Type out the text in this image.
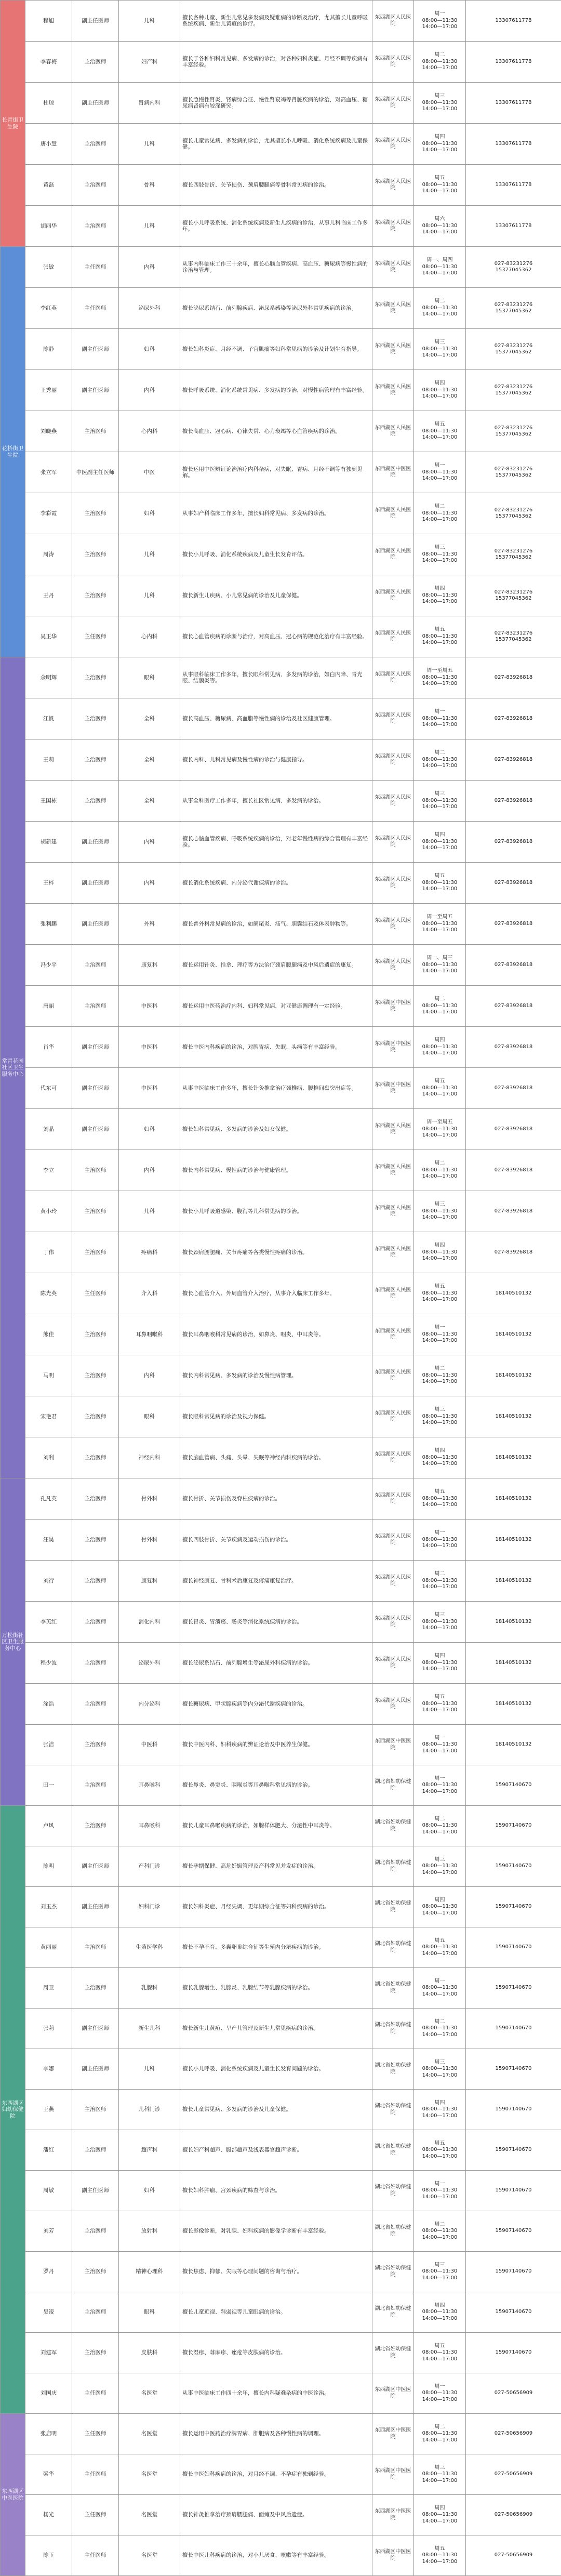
长青街卫生院	程旭	副主任医师	儿科	擅长各种儿童、新生儿常见多发病及疑难病的诊断及治疗，尤其擅长儿童呼吸系统疾病、新生儿黄疸的诊疗。	东西湖区人民医院	周一
08:00—11:30
14:00—17:00	13307611778
	李春梅	主治医师	妇产科	擅长于各种妇科常见病、多发病的诊治，对各种妇科炎症、月经不调等疾病有丰富经验。	东西湖区人民医院	周二
08:00—11:30
14:00—17:00	13307611778
	杜琼	副主任医师	肾病内科	擅长急慢性肾炎、肾病综合征、慢性肾衰竭等肾脏疾病的诊治，对高血压、糖尿病肾病有较深研究。	东西湖区人民医院	周三
08:00—11:30
14:00—17:00	13307611778
	唐小慧	主治医师	儿科	擅长儿童常见病、多发病的诊治，尤其擅长小儿呼吸、消化系统疾病及儿童保健。	东西湖区人民医院	周四
08:00—11:30
14:00—17:00	13307611778
	黄磊	主治医师	骨科	擅长四肢骨折、关节损伤、颈肩腰腿痛等骨科常见病的诊治。	东西湖区人民医院	周五
08:00—11:30
14:00—17:00	13307611778
	胡丽华	主治医师	儿科	擅长小儿呼吸系统、消化系统疾病及新生儿疾病的诊治，从事儿科临床工作多年。	东西湖区人民医院	周六
08:00—11:30
14:00—17:00	13307611778
花桥街卫生院	张敏	主任医师	内科	从事内科临床工作三十余年，擅长心脑血管疾病、高血压、糖尿病等慢性病的诊治与管理。	东西湖区人民医院	周一、周四
08:00—11:30
14:00—17:00	027-83231276
15377045362
	李红英	主任医师	泌尿外科	擅长泌尿系结石、前列腺疾病、泌尿系感染等泌尿外科常见疾病的诊治。	东西湖区人民医院	周二
08:00—11:30
14:00—17:00	027-83231276
15377045362
	陈静	副主任医师	妇科	擅长妇科炎症、月经不调、子宫肌瘤等妇科常见病的诊治及计划生育指导。	东西湖区人民医院	周三
08:00—11:30
14:00—17:00	027-83231276
15377045362
	王秀丽	副主任医师	内科	擅长呼吸系统、消化系统常见病、多发病的诊治，对慢性病管理有丰富经验。	东西湖区人民医院	周四
08:00—11:30
14:00—17:00	027-83231276
15377045362
	刘晓燕	主治医师	心内科	擅长高血压、冠心病、心律失常、心力衰竭等心血管疾病的诊治。	东西湖区人民医院	周五
08:00—11:30
14:00—17:00	027-83231276
15377045362
	张立军	中医副主任医师	中医	擅长运用中医辨证论治治疗内科杂病，对失眠、胃病、月经不调等有独到见解。	东西湖区中医医院	周一
08:00—11:30
14:00—17:00	027-83231276
15377045362
	李彩霞	主治医师	妇科	从事妇产科临床工作多年，擅长妇科常见病、多发病的诊治。	东西湖区人民医院	周二
08:00—11:30
14:00—17:00	027-83231276
15377045362
	周涛	主治医师	儿科	擅长小儿呼吸、消化系统疾病及儿童生长发育评估。	东西湖区人民医院	周三
08:00—11:30
14:00—17:00	027-83231276
15377045362
	王丹	主治医师	儿科	擅长新生儿疾病、小儿常见病的诊治及儿童保健。	东西湖区人民医院	周四
08:00—11:30
14:00—17:00	027-83231276
15377045362
	吴正华	主任医师	心内科	擅长心血管疾病的诊断与治疗，对高血压、冠心病的规范化治疗有丰富经验。	东西湖区人民医院	周五
08:00—11:30
14:00—17:00	027-83231276
15377045362
常青花园社区卫生服务中心	余明辉	主治医师	眼科	从事眼科临床工作多年，擅长眼科常见病、多发病的诊治，如白内障、青光眼、结膜炎等。	东西湖区人民医院	周一至周五
08:00—11:30
14:00—17:00	027-83926818
	江帆	主治医师	全科	擅长高血压、糖尿病、高血脂等慢性病的诊治及社区健康管理。	东西湖区人民医院	周一
08:00—11:30
14:00—17:00	027-83926818
	王莉	主治医师	全科	擅长内科、儿科常见病及慢性病的诊治与健康指导。	东西湖区人民医院	周二
08:00—11:30
14:00—17:00	027-83926818
	王国栋	主治医师	全科	从事全科医疗工作多年，擅长社区常见病、多发病的诊治。	东西湖区人民医院	周三
08:00—11:30
14:00—17:00	027-83926818
	胡新建	副主任医师	内科	擅长心脑血管疾病、呼吸系统疾病的诊治，对老年慢性病的综合管理有丰富经验。	东西湖区人民医院	周四
08:00—11:30
14:00—17:00	027-83926818
	王梓	副主任医师	内科	擅长消化系统疾病、内分泌代谢疾病的诊治。	东西湖区人民医院	周五
08:00—11:30
14:00—17:00	027-83926818
	张利鹏	副主任医师	外科	擅长普外科常见病的诊治，如阑尾炎、疝气、胆囊结石及体表肿物等。	东西湖区人民医院	周一至周五
08:00—11:30
14:00—17:00	027-83926818
	冯少平	主治医师	康复科	擅长运用针灸、推拿、理疗等方法治疗颈肩腰腿痛及中风后遗症的康复。	东西湖区人民医院	周一、周三
08:00—11:30
14:00—17:00	027-83926818
	唐丽	主治医师	中医科	擅长运用中医药治疗内科、妇科常见病，对亚健康调理有一定经验。	东西湖区中医医院	周二
08:00—11:30
14:00—17:00	027-83926818
	肖华	副主任医师	中医科	擅长中医内科疾病的诊治，对脾胃病、失眠、头痛等有丰富经验。	东西湖区中医医院	周四
08:00—11:30
14:00—17:00	027-83926818
	代东可	副主任医师	中医科	从事中医临床工作多年，擅长针灸推拿治疗颈椎病、腰椎间盘突出症等。	东西湖区中医医院	周五
08:00—11:30
14:00—17:00	027-83926818
	刘晶	副主任医师	妇科	擅长妇科常见病、多发病的诊治及妇女保健。	东西湖区人民医院	周一至周五
08:00—11:30
14:00—17:00	027-83926818
	李立	主治医师	内科	擅长内科常见病、慢性病的诊治与健康管理。	东西湖区人民医院	周二
08:00—11:30
14:00—17:00	027-83926818
	黄小玲	主治医师	儿科	擅长小儿呼吸道感染、腹泻等儿科常见病的诊治。	东西湖区人民医院	周三
08:00—11:30
14:00—17:00	027-83926818
	丁伟	主治医师	疼痛科	擅长颈肩腰腿痛、关节疼痛等各类慢性疼痛的诊治。	东西湖区人民医院	周四
08:00—11:30
14:00—17:00	027-83926818
	陈光英	主任医师	介入科	擅长心血管介入、外周血管介入治疗，从事介入临床工作多年。	东西湖区人民医院	周五
08:00—11:30
14:00—17:00	18140510132
	熊佳	主治医师	耳鼻咽喉科	擅长耳鼻咽喉科常见病的诊治，如鼻炎、咽炎、中耳炎等。	东西湖区人民医院	周一
08:00—11:30
14:00—17:00	18140510132
	马明	主治医师	内科	擅长内科常见病、多发病的诊治及慢性病管理。	东西湖区人民医院	周二
08:00—11:30
14:00—17:00	18140510132
	宋艳君	主治医师	眼科	擅长眼科常见病的诊治及视力保健。	东西湖区人民医院	周三
08:00—11:30
14:00—17:00	18140510132
	刘利	主治医师	神经内科	擅长脑血管病、头痛、头晕、失眠等神经内科疾病的诊治。	东西湖区人民医院	周四
08:00—11:30
14:00—17:00	18140510132
万松街社区卫生服务中心	孔凡英	主治医师	骨外科	擅长骨折、关节损伤及脊柱疾病的诊治。	东西湖区人民医院	周五
08:00—11:30
14:00—17:00	18140510132
	汪昊	主治医师	骨外科	擅长四肢骨折、关节疾病及运动损伤的诊治。	东西湖区人民医院	周一
08:00—11:30
14:00—17:00	18140510132
	刘行	主治医师	康复科	擅长神经康复、骨科术后康复及疼痛康复治疗。	东西湖区人民医院	周二
08:00—11:30
14:00—17:00	18140510132
	李英红	主治医师	消化内科	擅长胃炎、胃溃疡、肠炎等消化系统疾病的诊治。	东西湖区人民医院	周三
08:00—11:30
14:00—17:00	18140510132
	程少波	主治医师	泌尿外科	擅长泌尿系结石、前列腺增生等泌尿外科疾病的诊治。	东西湖区人民医院	周四
08:00—11:30
14:00—17:00	18140510132
	涂浩	主治医师	内分泌科	擅长糖尿病、甲状腺疾病等内分泌代谢疾病的诊治。	东西湖区人民医院	周五
08:00—11:30
14:00—17:00	18140510132
	张洁	主治医师	中医科	擅长中医内科、妇科疾病的辨证论治及中医养生保健。	东西湖区中医医院	周一
08:00—11:30
14:00—17:00	18140510132
	田一	主治医师	耳鼻喉科	擅长鼻炎、鼻窦炎、咽喉炎等耳鼻喉科常见病的诊治。	湖北省妇幼保健院	周一
08:00—11:30
14:00—17:00	15907140670
东西湖区妇幼保健院	卢风	主治医师	耳鼻喉科	擅长儿童耳鼻喉疾病的诊治，如腺样体肥大、分泌性中耳炎等。	湖北省妇幼保健院	周二
08:00—11:30
14:00—17:00	15907140670
	陈明	副主任医师	产科门诊	擅长孕期保健、高危妊娠管理及产科常见并发症的诊治。	湖北省妇幼保健院	周三
08:00—11:30
14:00—17:00	15907140670
	刘玉杰	副主任医师	妇科门诊	擅长妇科炎症、月经失调、更年期综合征等妇科疾病的诊治。	湖北省妇幼保健院	周四
08:00—11:30
14:00—17:00	15907140670
	黄丽丽	主治医师	生殖医学科	擅长不孕不育、多囊卵巢综合征等生殖内分泌疾病的诊治。	湖北省妇幼保健院	周五
08:00—11:30
14:00—17:00	15907140670
	周卫	主治医师	乳腺科	擅长乳腺增生、乳腺炎、乳腺结节等乳腺疾病的诊治。	湖北省妇幼保健院	周一
08:00—11:30
14:00—17:00	15907140670
	张莉	副主任医师	新生儿科	擅长新生儿黄疸、早产儿管理及新生儿常见疾病的诊治。	湖北省妇幼保健院	周二
08:00—11:30
14:00—17:00	15907140670
	李娜	副主任医师	儿科	擅长小儿呼吸、消化系统疾病及儿童生长发育问题的诊治。	湖北省妇幼保健院	周三
08:00—11:30
14:00—17:00	15907140670
	王燕	主治医师	儿科门诊	擅长儿童常见病、多发病的诊治及儿童保健。	湖北省妇幼保健院	周四
08:00—11:30
14:00—17:00	15907140670
	潘红	主治医师	超声科	擅长妇产科超声、腹部超声及浅表器官超声诊断。	湖北省妇幼保健院	周五
08:00—11:30
14:00—17:00	15907140670
	周敏	副主任医师	妇科	擅长妇科肿瘤、宫颈疾病的筛查与诊治。	湖北省妇幼保健院	周一
08:00—11:30
14:00—17:00	15907140670
	刘芳	主治医师	放射科	擅长影像诊断，对乳腺、妇科疾病的影像学诊断有丰富经验。	湖北省妇幼保健院	周二
08:00—11:30
14:00—17:00	15907140670
	罗丹	主治医师	精神心理科	擅长焦虑、抑郁、失眠等心理问题的咨询与治疗。	湖北省妇幼保健院	周三
08:00—11:30
14:00—17:00	15907140670
	吴凌	主治医师	眼科	擅长儿童近视、斜弱视等儿童眼病的诊治。	湖北省妇幼保健院	周四
08:00—11:30
14:00—17:00	15907140670
	刘建军	主治医师	皮肤科	擅长湿疹、荨麻疹、痤疮等皮肤病的诊治。	湖北省妇幼保健院	周五
08:00—11:30
14:00—17:00	15907140670
	刘国庆	主任医师	名医堂	从事中医临床工作四十余年，擅长内科疑难杂病的中医诊治。	东西湖区中医医院	周一
08:00—11:30
14:00—17:00	027-50656909
东西湖区中医医院	张启明	主任医师	名医堂	擅长运用中医药治疗脾胃病、肝胆病及各种慢性病的调理。	东西湖区中医医院	周二
08:00—11:30
14:00—17:00	027-50656909
	梁华	主任医师	名医堂	擅长中医妇科疾病的诊治，对月经不调、不孕症有独到经验。	东西湖区中医医院	周三
08:00—11:30
14:00—17:00	027-50656909
	杨光	主任医师	名医堂	擅长针灸推拿治疗颈肩腰腿痛、面瘫及中风后遗症。	东西湖区中医医院	周四
08:00—11:30
14:00—17:00	027-50656909
	陈玉	主任医师	名医堂	擅长中医儿科疾病的诊治，对小儿厌食、咳嗽等有丰富经验。	东西湖区中医医院	周五
08:00—11:30
14:00—17:00	027-50656909
